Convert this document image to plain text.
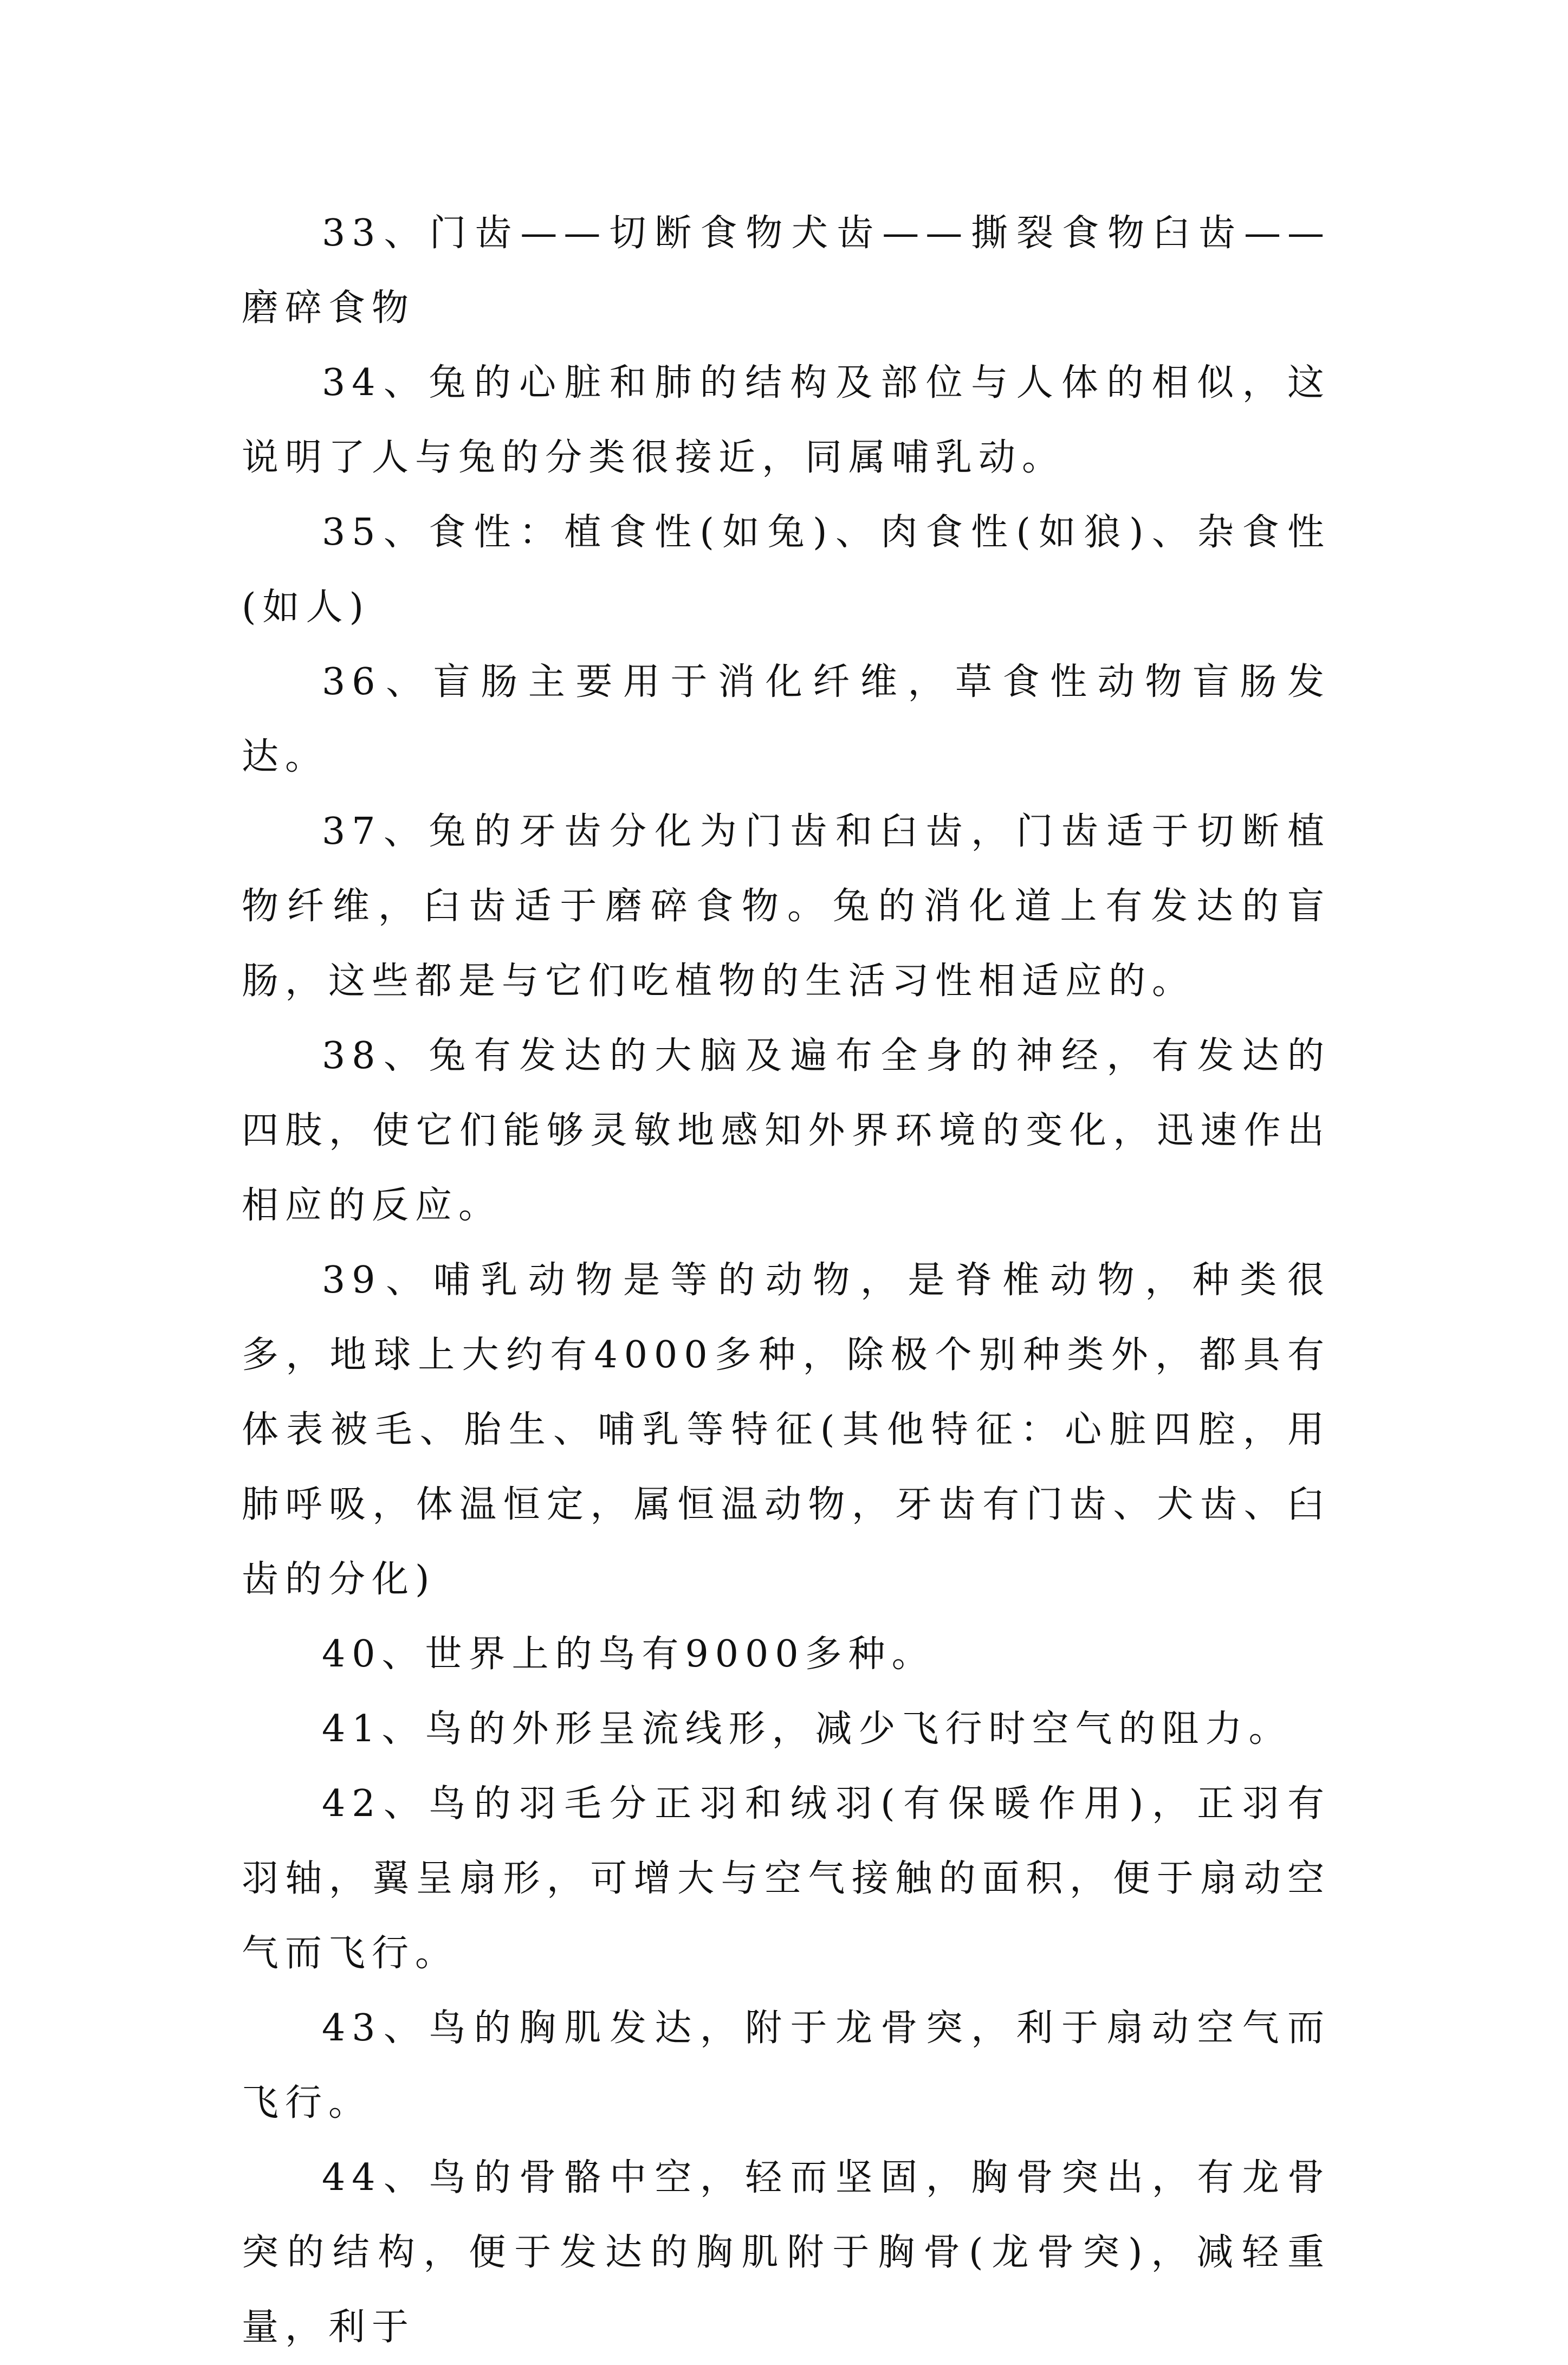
33、门齿——切断食物犬齿——撕裂食物臼齿——磨碎食物

34、兔的心脏和肺的结构及部位与人体的相似，这说明了人与兔的分类很接近，同属哺乳动。

35、食性：植食性(如兔)、肉食性(如狼)、杂食性(如人)

36、盲肠主要用于消化纤维，草食性动物盲肠发达。

37、兔的牙齿分化为门齿和臼齿，门齿适于切断植物纤维，臼齿适于磨碎食物。兔的消化道上有发达的盲肠，这些都是与它们吃植物的生活习性相适应的。

38、兔有发达的大脑及遍布全身的神经，有发达的四肢，使它们能够灵敏地感知外界环境的变化，迅速作出相应的反应。

39、哺乳动物是等的动物，是脊椎动物，种类很多，地球上大约有4000多种，除极个别种类外，都具有体表被毛、胎生、哺乳等特征(其他特征：心脏四腔，用肺呼吸，体温恒定，属恒温动物，牙齿有门齿、犬齿、臼齿的分化)

40、世界上的鸟有9000多种。

41、鸟的外形呈流线形，减少飞行时空气的阻力。

42、鸟的羽毛分正羽和绒羽(有保暖作用)，正羽有羽轴，翼呈扇形，可增大与空气接触的面积，便于扇动空气而飞行。

43、鸟的胸肌发达，附于龙骨突，利于扇动空气而飞行。

44、鸟的骨骼中空，轻而坚固，胸骨突出，有龙骨突的结构，便于发达的胸肌附于胸骨(龙骨突)，减轻重量，利于
